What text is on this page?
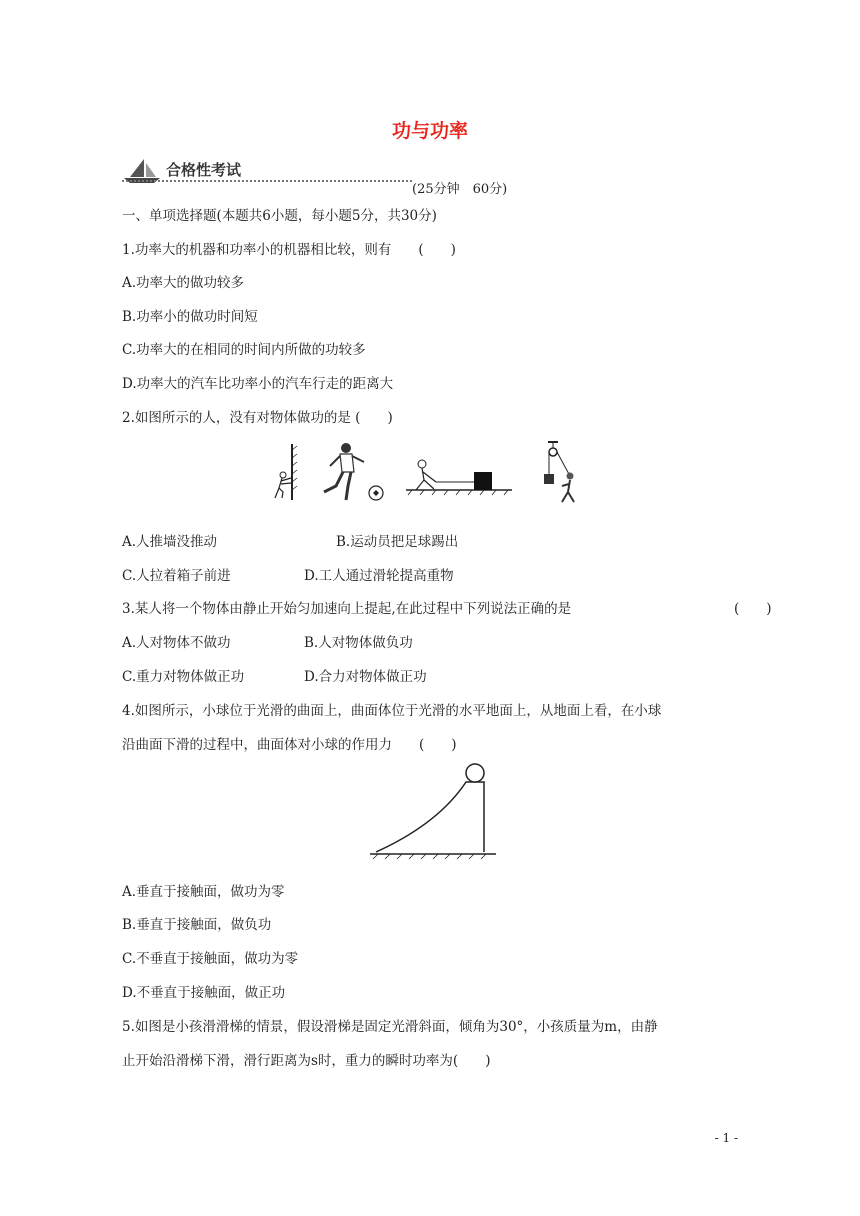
功与功率
合格性考试
(25分钟　60分)
一、单项选择题(本题共6小题，每小题5分，共30分)
1.功率大的机器和功率小的机器相比较，则有　　(　　)
A.功率大的做功较多
B.功率小的做功时间短
C.功率大的在相同的时间内所做的功较多
D.功率大的汽车比功率小的汽车行走的距离大
2.如图所示的人，没有对物体做功的是 (　　)
A.人推墙没推动	B.运动员把足球踢出
C.人拉着箱子前进	D.工人通过滑轮提高重物
3.某人将一个物体由静止开始匀加速向上提起,在此过程中下列说法正确的是	(　　)
A.人对物体不做功	B.人对物体做负功
C.重力对物体做正功	D.合力对物体做正功
4.如图所示，小球位于光滑的曲面上，曲面体位于光滑的水平地面上，从地面上看，在小球
沿曲面下滑的过程中，曲面体对小球的作用力　　(　　)
A.垂直于接触面，做功为零
B.垂直于接触面，做负功
C.不垂直于接触面，做功为零
D.不垂直于接触面，做正功
5.如图是小孩滑滑梯的情景，假设滑梯是固定光滑斜面，倾角为30°，小孩质量为m，由静
止开始沿滑梯下滑，滑行距离为s时，重力的瞬时功率为(　　)
- 1 -
